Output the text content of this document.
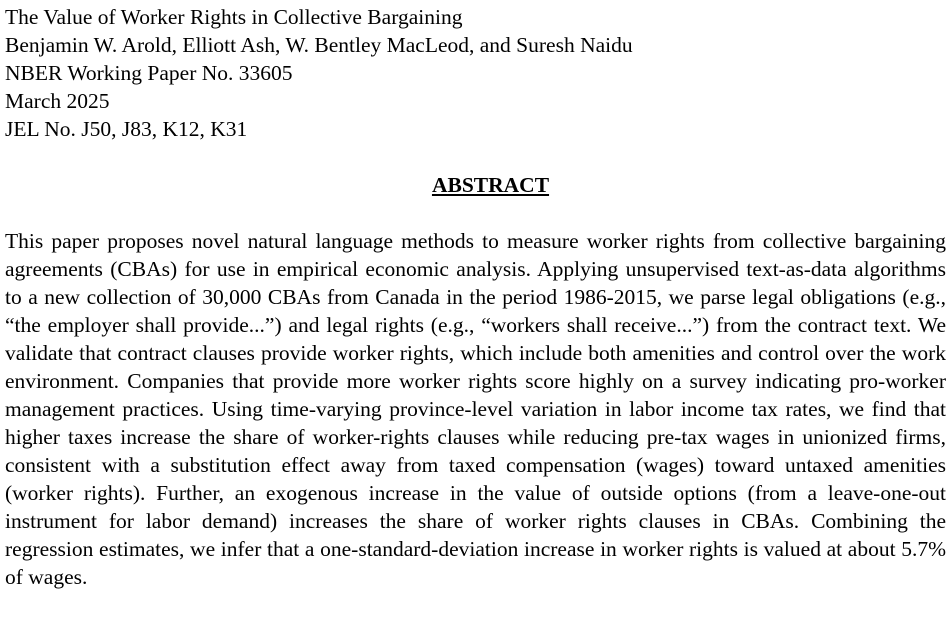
The Value of Worker Rights in Collective Bargaining
Benjamin W. Arold, Elliott Ash, W. Bentley MacLeod, and Suresh Naidu
NBER Working Paper No. 33605
March 2025
JEL No. J50, J83, K12, K31
ABSTRACT

This paper proposes novel natural language methods to measure worker rights from collective bargaining agreements (CBAs) for use in empirical economic analysis. Applying unsupervised text-as-data algorithms to a new collection of 30,000 CBAs from Canada in the period 1986-2015, we parse legal obligations (e.g., “the employer shall provide...”) and legal rights (e.g., “workers shall receive...”) from the contract text. We validate that contract clauses provide worker rights, which include both amenities and control over the work environment. Companies that provide more worker rights score highly on a survey indicating pro-worker management practices. Using time-varying province-level variation in labor income tax rates, we find that higher taxes increase the share of worker-rights clauses while reducing pre-tax wages in unionized firms, consistent with a substitution effect away from taxed compensation (wages) toward untaxed amenities (worker rights). Further, an exogenous increase in the value of outside options (from a leave-one-out instrument for labor demand) increases the share of worker rights clauses in CBAs. Combining the regression estimates, we infer that a one-standard-deviation increase in worker rights is valued at about 5.7% of wages.
